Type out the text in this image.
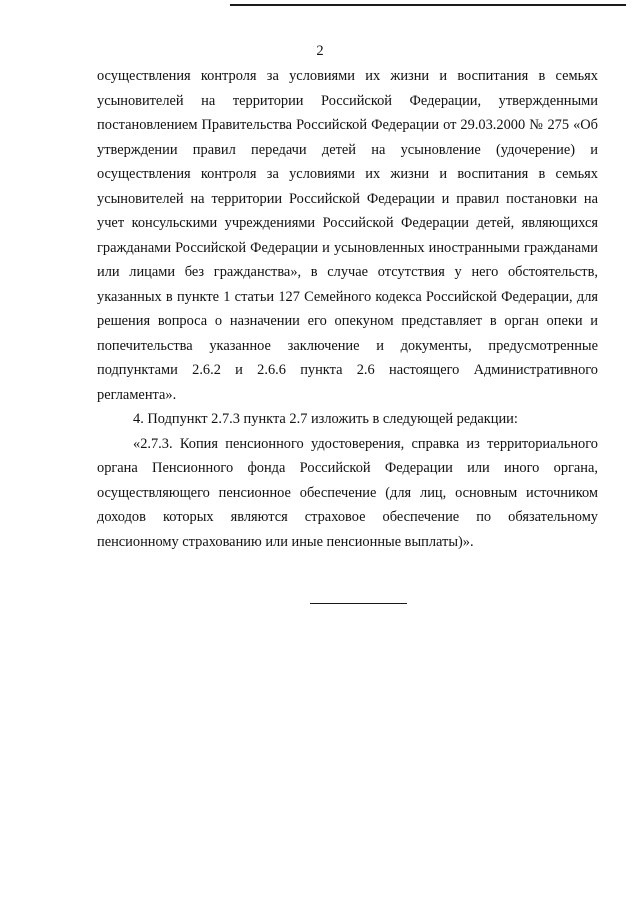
2

осуществления контроля за условиями их жизни и воспитания в семьях усыновителей на территории Российской Федерации, утвержденными постановлением Правительства Российской Федерации от 29.03.2000 № 275 «Об утверждении правил передачи детей на усыновление (удочерение) и осуществления контроля за условиями их жизни и воспитания в семьях усыновителей на территории Российской Федерации и правил постановки на учет консульскими учреждениями Российской Федерации детей, являющихся гражданами Российской Федерации и усыновленных иностранными гражданами или лицами без гражданства», в случае отсутствия у него обстоятельств, указанных в пункте 1 статьи 127 Семейного кодекса Российской Федерации, для решения вопроса о назначении его опекуном представляет в орган опеки и попечительства указанное заключение и документы, предусмотренные подпунктами 2.6.2 и 2.6.6 пункта 2.6 настоящего Административного регламента».

4. Подпункт 2.7.3 пункта 2.7 изложить в следующей редакции:

«2.7.3. Копия пенсионного удостоверения, справка из территориального органа Пенсионного фонда Российской Федерации или иного органа, осуществляющего пенсионное обеспечение (для лиц, основным источником доходов которых являются страховое обеспечение по обязательному пенсионному страхованию или иные пенсионные выплаты)».
